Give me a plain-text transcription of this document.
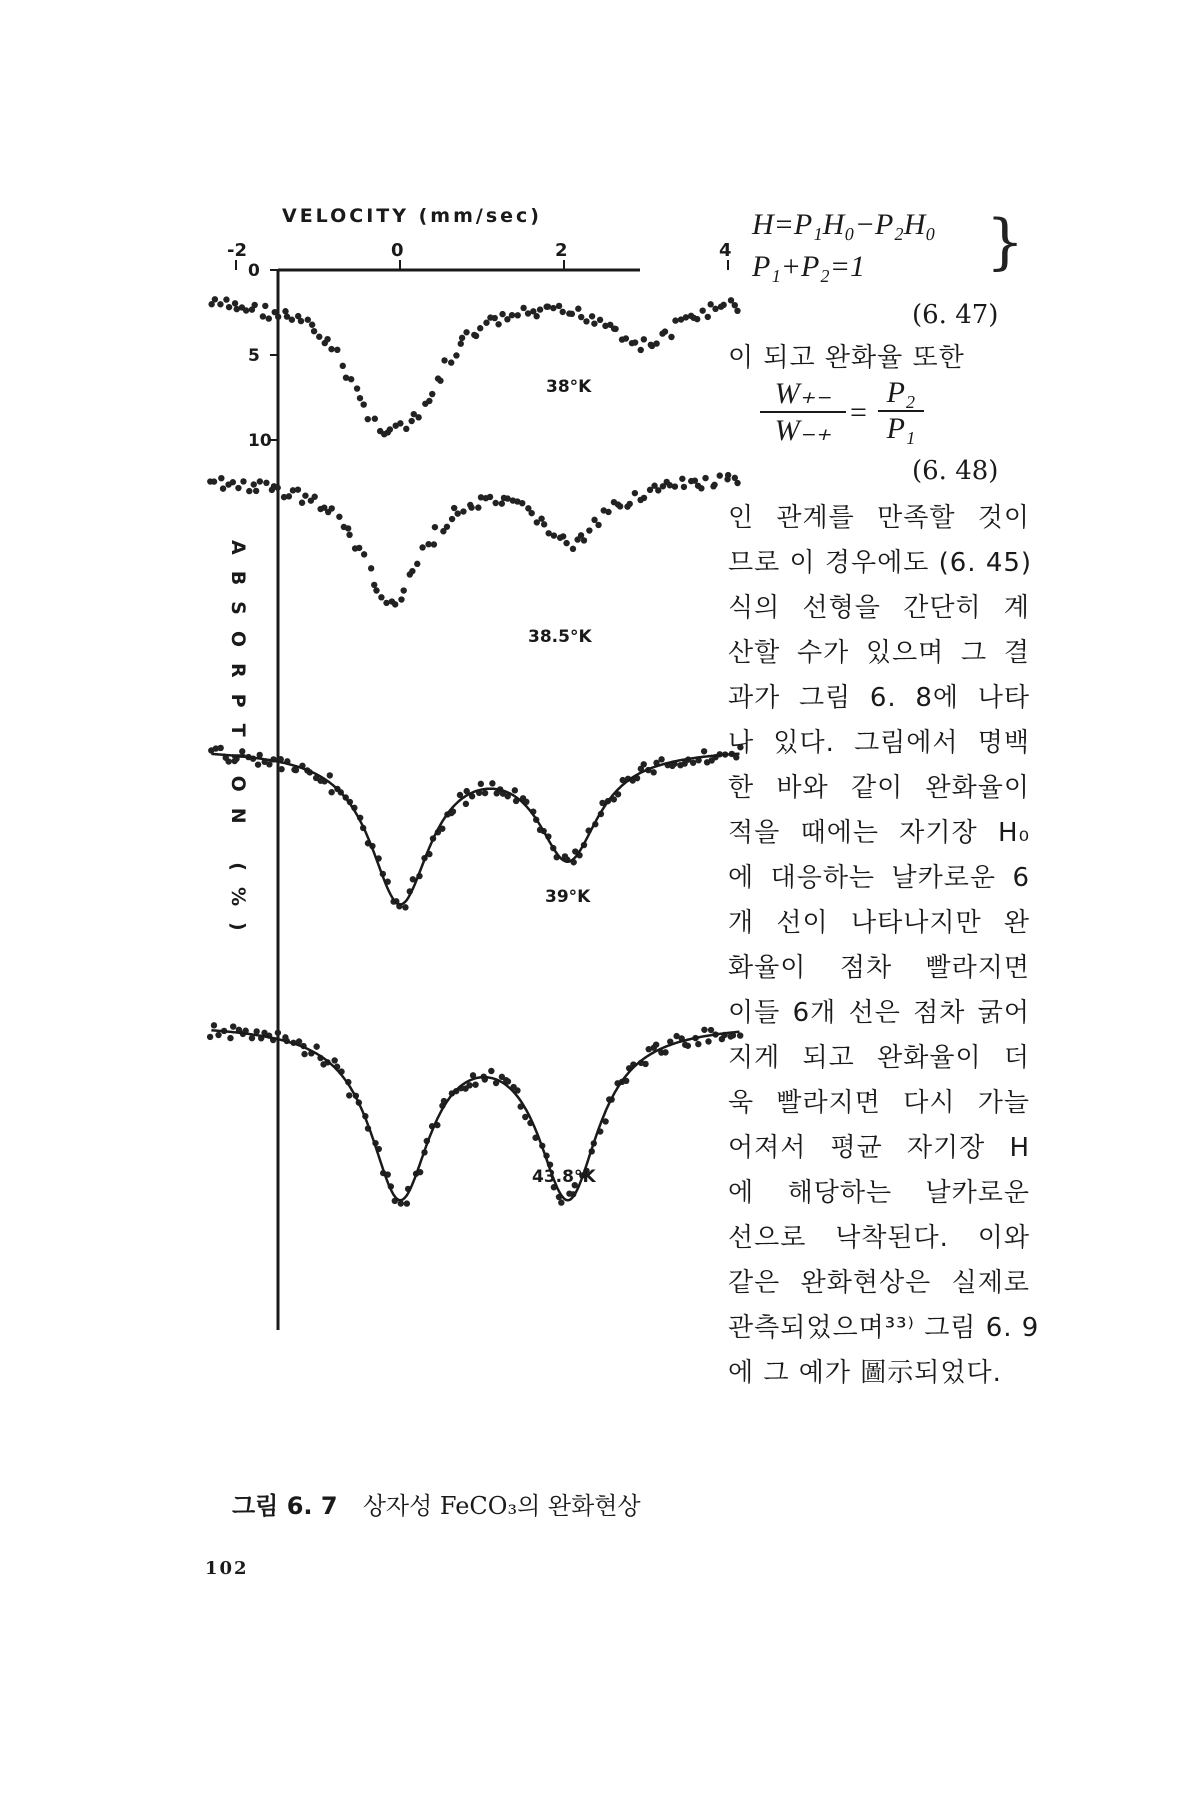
-2	0	2	4
0
5
10
VELOCITY (mm/sec)
38°K
38.5°K
39°K
43.8°K
ABSORPTION (%)
H=P₁H₀−P₂H₀
P₁+P₂=1 }
(6. 47)
이 되고 완화율 또한
W₊₋
W₋₊
=
P₂
P₁
(6. 48)
인 관계를 만족할 것이
므로 이 경우에도 (6. 45)
식의 선형을 간단히 계
산할 수가 있으며 그 결
과가 그림 6. 8에 나타
나 있다. 그림에서 명백
한 바와 같이 완화율이
적을 때에는 자기장 H₀
에 대응하는 날카로운 6
개 선이 나타나지만 완
화율이 점차 빨라지면
이들 6개 선은 점차 굵어
지게 되고 완화율이 더
욱 빨라지면 다시 가늘
어져서 평균 자기장 H
에 해당하는 날카로운
선으로 낙착된다. 이와
같은 완화현상은 실제로
관측되었으며³³⁾ 그림 6. 9
에 그 예가 圖示되었다.
그림 6. 7 상자성 FeCO₃의 완화현상
102
